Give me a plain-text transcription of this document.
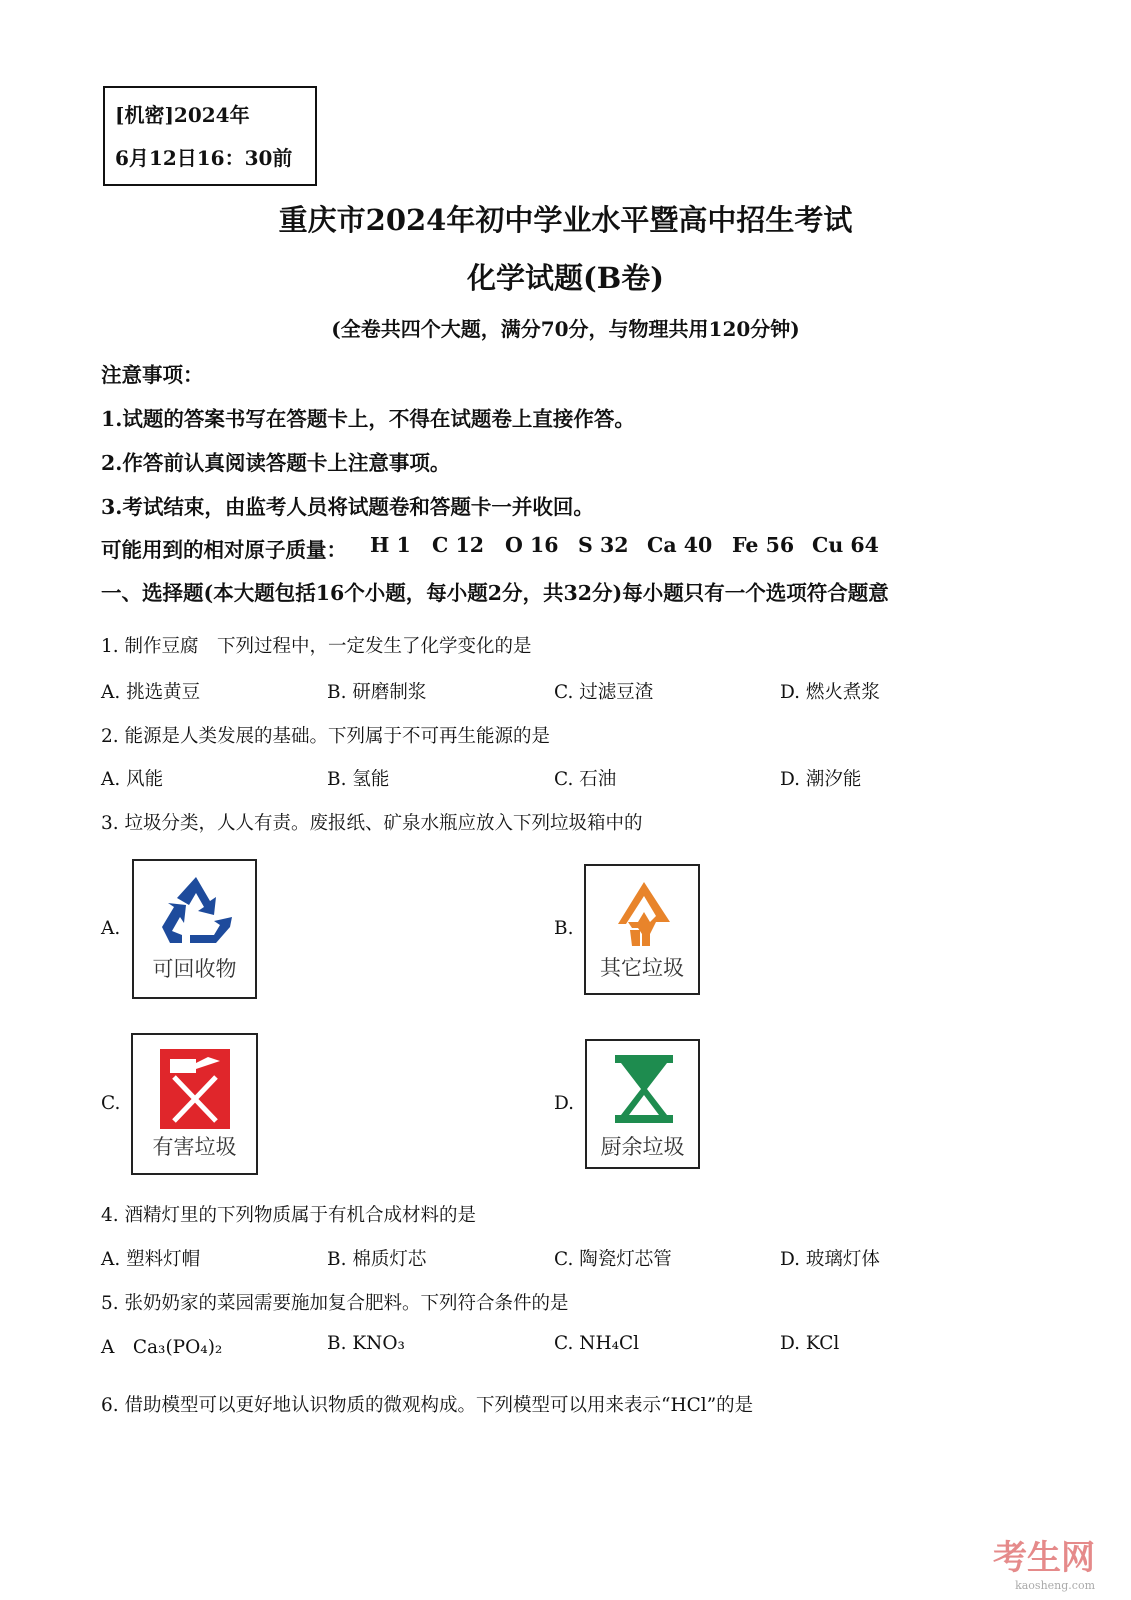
[机密]2024年
6月12日16：30前
重庆市2024年初中学业水平暨高中招生考试
化学试题(B卷)
(全卷共四个大题，满分70分，与物理共用120分钟)
注意事项：
1.试题的答案书写在答题卡上，不得在试题卷上直接作答。
2.作答前认真阅读答题卡上注意事项。
3.考试结束，由监考人员将试题卷和答题卡一并收回。
可能用到的相对原子质量： H 1 C 12 O 16 S 32 Ca 40 Fe 56 Cu 64
一、选择题(本大题包括16个小题，每小题2分，共32分)每小题只有一个选项符合题意
1. 制作豆腐　下列过程中，一定发生了化学变化的是
A. 挑选黄豆	B. 研磨制浆	C. 过滤豆渣	D. 燃火煮浆
2. 能源是人类发展的基础。下列属于不可再生能源的是
A. 风能	B. 氢能	C. 石油	D. 潮汐能
3. 垃圾分类，人人有责。废报纸、矿泉水瓶应放入下列垃圾箱中的
A.
可回收物
B.
其它垃圾
C.
有害垃圾
D.
厨余垃圾
4. 酒精灯里的下列物质属于有机合成材料的是
A. 塑料灯帽	B. 棉质灯芯	C. 陶瓷灯芯管	D. 玻璃灯体
5. 张奶奶家的菜园需要施加复合肥料。下列符合条件的是
A　Ca₃(PO₄)₂	B. KNO₃	C. NH₄Cl	D. KCl
6. 借助模型可以更好地认识物质的微观构成。下列模型可以用来表示“HCl”的是
考生网
kaosheng.com
